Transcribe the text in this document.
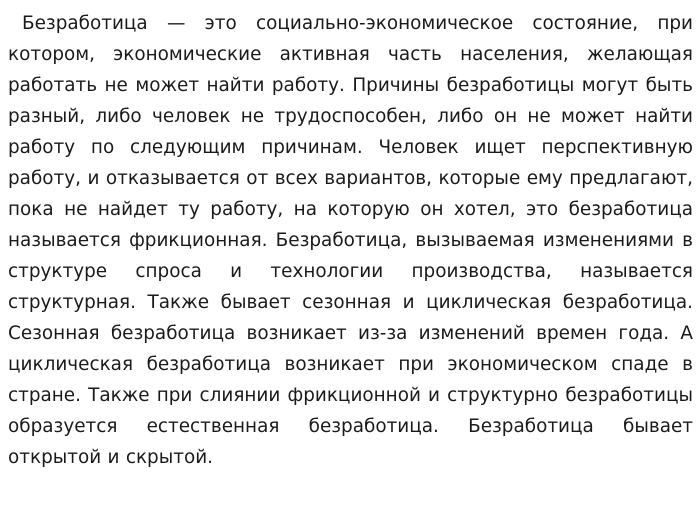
Безработица — это социально-экономическое состояние, при котором, экономические активная часть населения, желающая работать не может найти работу. Причины безработицы могут быть разный, либо человек не трудоспособен, либо он не может найти работу по следующим причинам. Человек ищет перспективную работу, и отказывается от всех вариантов, которые ему предлагают, пока не найдет ту работу, на которую он хотел, это безработица называется фрикционная. Безработица, вызываемая изменениями в структуре спроса и технологии производства, называется структурная. Также бывает сезонная и циклическая безработица. Сезонная безработица возникает из-за изменений времен года. А циклическая безработица возникает при экономическом спаде в стране. Также при слиянии фрикционной и структурно безработицы образуется естественная безработица. Безработица бывает открытой и скрытой.
